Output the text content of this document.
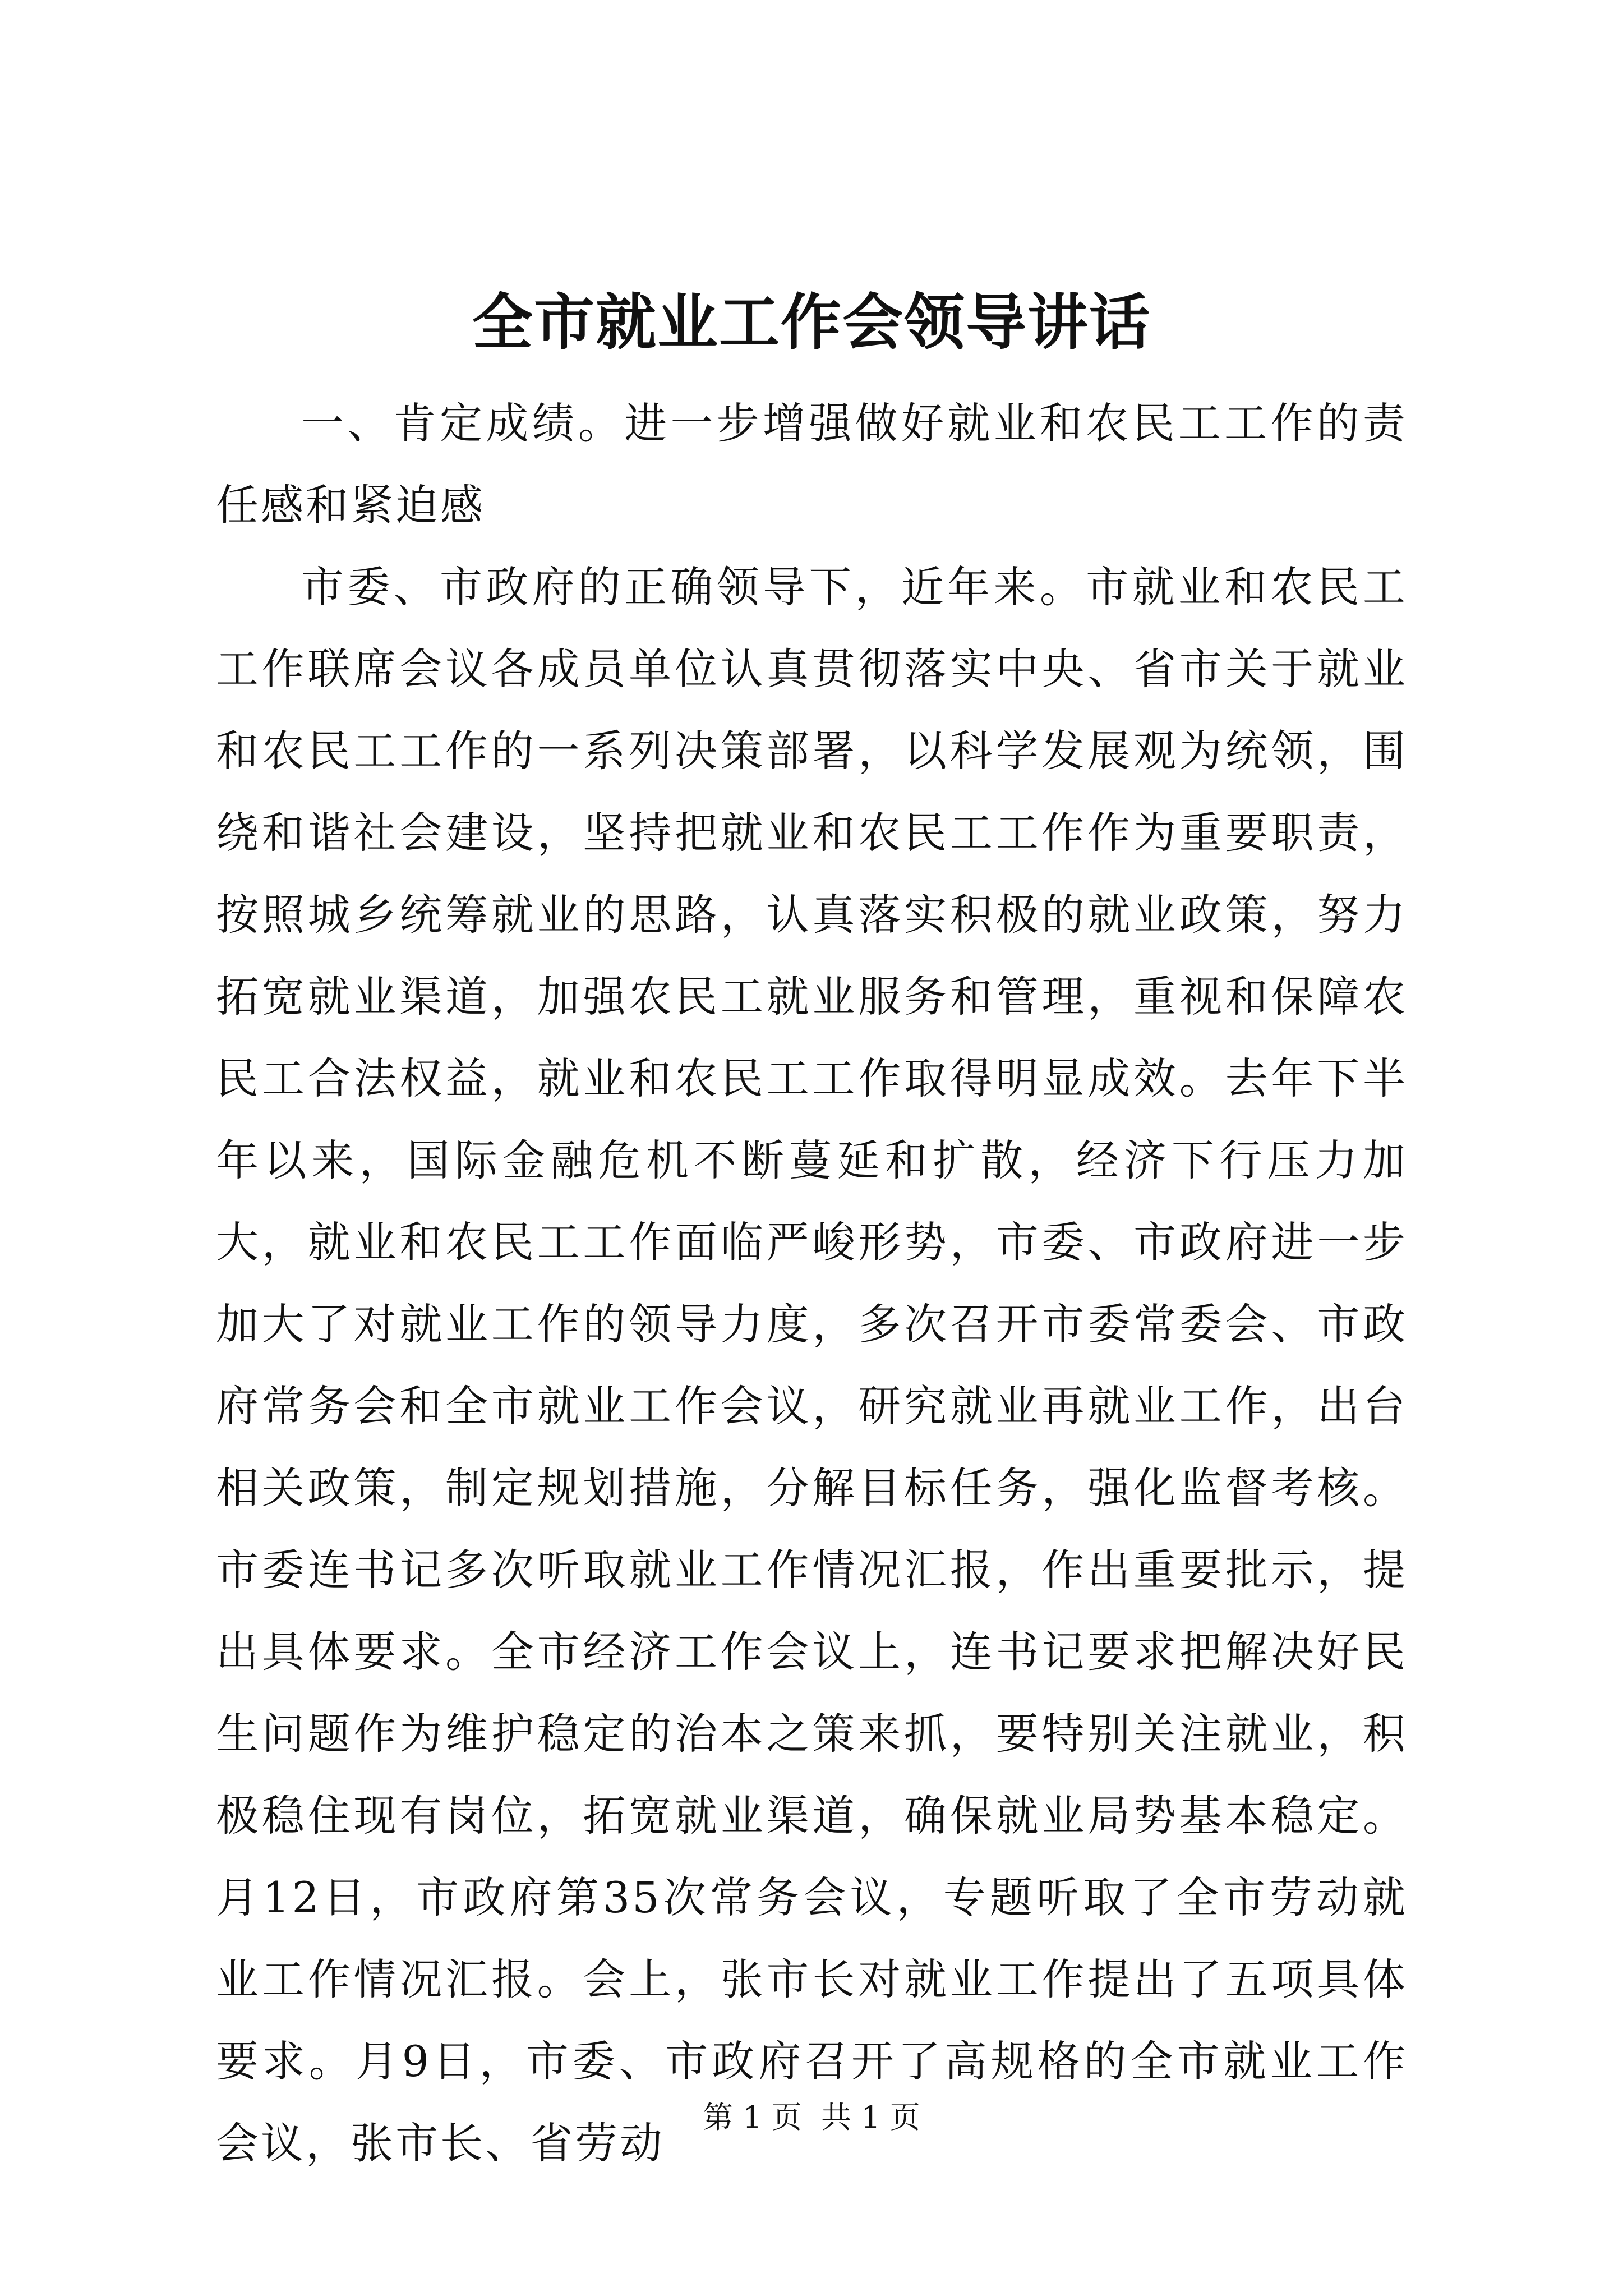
全市就业工作会领导讲话

一、肯定成绩。进一步增强做好就业和农民工工作的责任感和紧迫感

市委、市政府的正确领导下，近年来。市就业和农民工工作联席会议各成员单位认真贯彻落实中央、省市关于就业和农民工工作的一系列决策部署，以科学发展观为统领，围绕和谐社会建设，坚持把就业和农民工工作作为重要职责，按照城乡统筹就业的思路，认真落实积极的就业政策，努力拓宽就业渠道，加强农民工就业服务和管理，重视和保障农民工合法权益，就业和农民工工作取得明显成效。去年下半年以来，国际金融危机不断蔓延和扩散，经济下行压力加大，就业和农民工工作面临严峻形势，市委、市政府进一步加大了对就业工作的领导力度，多次召开市委常委会、市政府常务会和全市就业工作会议，研究就业再就业工作，出台相关政策，制定规划措施，分解目标任务，强化监督考核。市委连书记多次听取就业工作情况汇报，作出重要批示，提出具体要求。全市经济工作会议上，连书记要求把解决好民生问题作为维护稳定的治本之策来抓，要特别关注就业，积极稳住现有岗位，拓宽就业渠道，确保就业局势基本稳定。月12日，市政府第35次常务会议，专题听取了全市劳动就业工作情况汇报。会上，张市长对就业工作提出了五项具体要求。月9日，市委、市政府召开了高规格的全市就业工作会议，张市长、省劳动

第 1 页  共 1 页
